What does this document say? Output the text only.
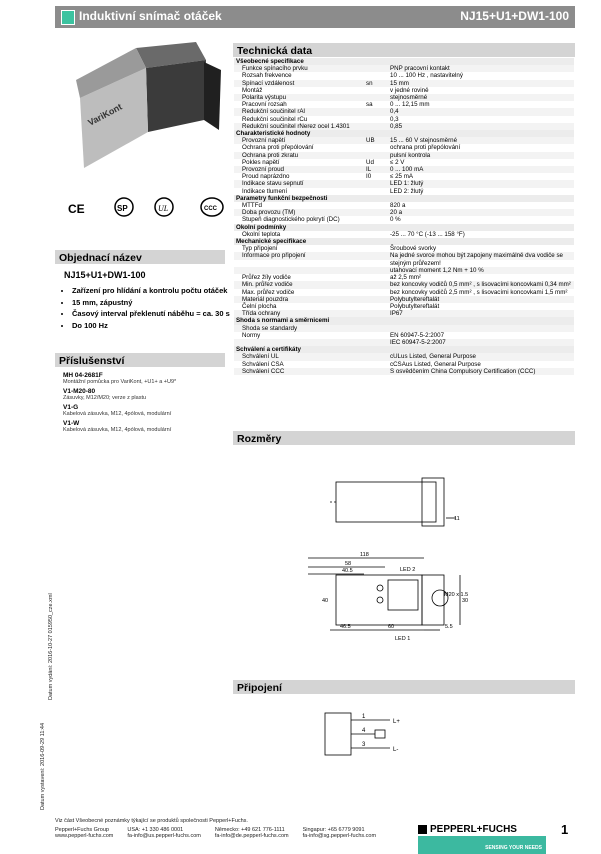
Induktivní snímač otáček	NJ15+U1+DW1-100
VariKont
CE	SP	UL	CCC
Objednací název
NJ15+U1+DW1-100
• Zařízení pro hlídání a kontrolu počtu otáček
• 15 mm, zápustný
• Časový interval překlenutí náběhu = ca. 30 s
• Do 100 Hz
Příslušenství
MH 04-2681F
Montážní pomůcka pro VariKont, +U1+ a +U9*
V1-M20-80
Zásuvky, M12/M20; verze z plastu
V1-G
Kabelová zásuvka, M12, 4pólová, modulární
V1-W
Kabelová zásuvka, M12, 4pólová, modulární
Technická data
Všeobecné specifikace		
Funkce spínacího prvku		PNP pracovní kontakt
Rozsah frekvence		10 ... 100 Hz , nastavitelný
Spínací vzdálenost	sn	15 mm
Montáž		v jedné rovině
Polarita výstupu		stejnosměrné
Pracovní rozsah	sa	0 ... 12,15 mm
Redukční součinitel rAl		0,4
Redukční součinitel rCu		0,3
Redukční součinitel rNerez ocel 1.4301		0,85
Charakteristické hodnoty		
Provozní napětí	UB	15 ... 60 V stejnosměrné
Ochrana proti přepólování		ochrana proti přepólování
Ochrana proti zkratu		pulsní kontrola
Pokles napětí	Ud	≤ 2 V
Provozní proud	IL	0 ... 100 mA
Proud naprázdno	I0	≤ 25 mA
Indikace stavu sepnutí		LED 1: žlutý
Indikace tlumení		LED 2: žlutý
Parametry funkční bezpečnosti		
MTTFd		820 a
Doba provozu (TM)		20 a
Stupeň diagnostického pokrytí (DC)		0 %
Okolní podmínky		
Okolní teplota		-25 ... 70 °C (-13 ... 158 °F)
Mechanické specifikace		
Typ připojení		Šroubové svorky
Informace pro připojení		Na jedné svorce mohou být zapojeny maximálně dva vodiče se
		stejným průřezem!
		utahovací moment 1,2 Nm + 10 %
Průřez žíly vodiče		až 2,5 mm²
Min. průřez vodiče		bez koncovky vodičů 0,5 mm² , s lisovacími koncovkami 0,34 mm²
Max. průřez vodiče		bez koncovky vodičů 2,5 mm² , s lisovacími koncovkami 1,5 mm²
Materiál pouzdra		Polybutyltereftalát
Čelní plocha		Polybutyltereftalát
Třída ochrany		IP67
Shoda s normami a směrnicemi		
Shoda se standardy		
Normy		EN 60947-5-2:2007
		IEC 60947-5-2:2007
Schválení a certifikáty		
Schválení UL		cULus Listed, General Purpose
Schválení CSA		cCSAus Listed, General Purpose
Schválení CCC		S osvědčením China Compulsory Certification (CCC)
Rozměry
118
58
40.5	LED 2
M20 x 1.5
30
40
46.5	60	5.5
LED 1
11
Připojení
1
4
3
L+
L-
Datum vystavení: 2016-09-29 11:44
Datum vydání: 2016-10-27 015950_cze.xml
Viz část Všeobecné poznámky týkající se produktů společnosti Pepperl+Fuchs.
Pepperl+Fuchs Group
www.pepperl-fuchs.com
USA: +1 330 486 0001
fa-info@us.pepperl-fuchs.com
Německo: +49 621 776-1111
fa-info@de.pepperl-fuchs.com
Singapur: +65 6779 9091
fa-info@sg.pepperl-fuchs.com
PEPPERL+FUCHS
SENSING YOUR NEEDS
1
